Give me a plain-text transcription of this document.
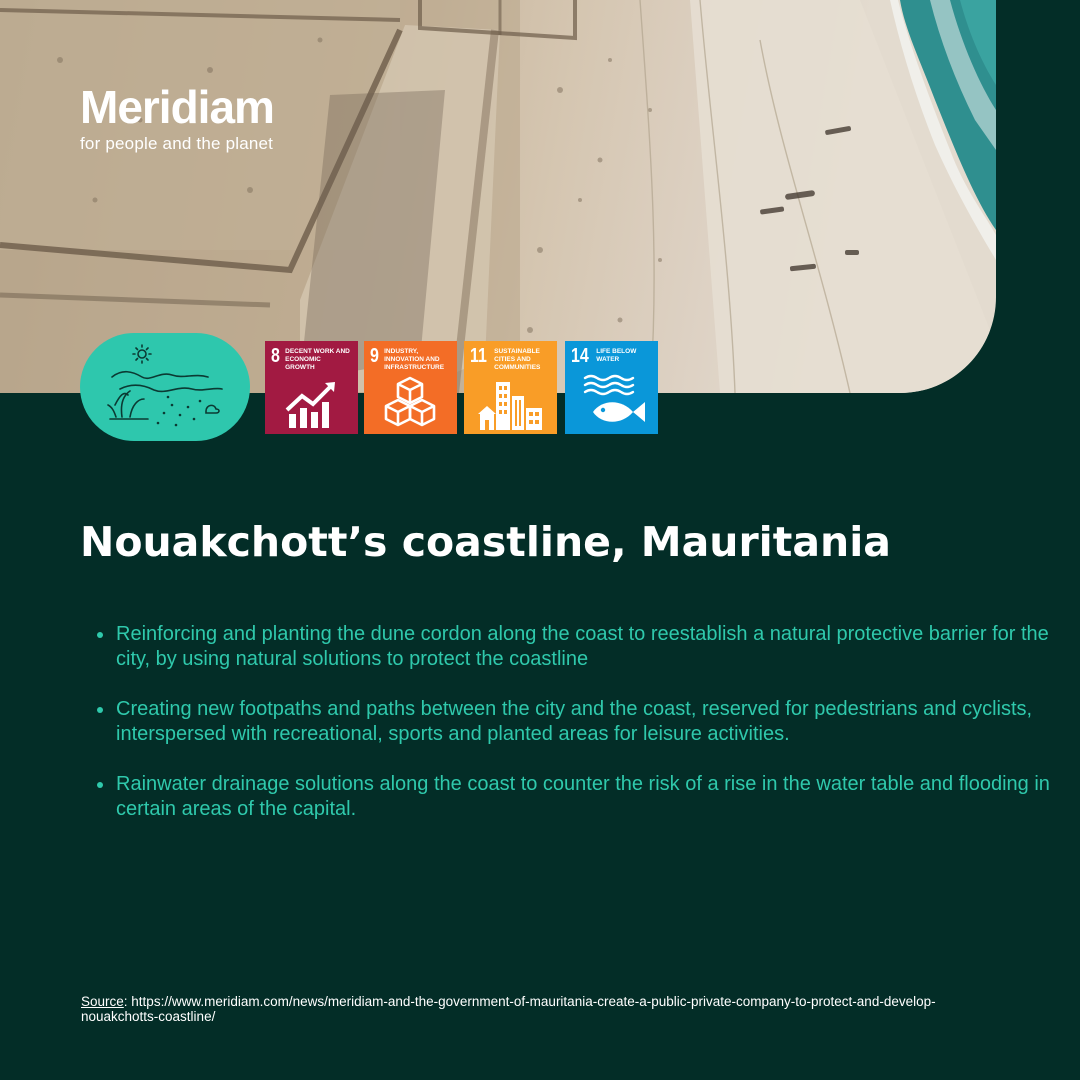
Meridiam
for people and the planet
8 DECENT WORK AND ECONOMIC GROWTH
9 INDUSTRY, INNOVATION AND INFRASTRUCTURE
11 SUSTAINABLE CITIES AND COMMUNITIES
14 LIFE BELOW WATER
Nouakchott’s coastline, Mauritania
Reinforcing and planting the dune cordon along the coast to reestablish a natural protective barrier for the city, by using natural solutions to protect the coastline
Creating new footpaths and paths between the city and the coast, reserved for pedestrians and cyclists, interspersed with recreational, sports and planted areas for leisure activities.
Rainwater drainage solutions along the coast to counter the risk of a rise in the water table and flooding in certain areas of the capital.
Source: https://www.meridiam.com/news/meridiam-and-the-government-of-mauritania-create-a-public-private-company-to-protect-and-develop-nouakchotts-coastline/
